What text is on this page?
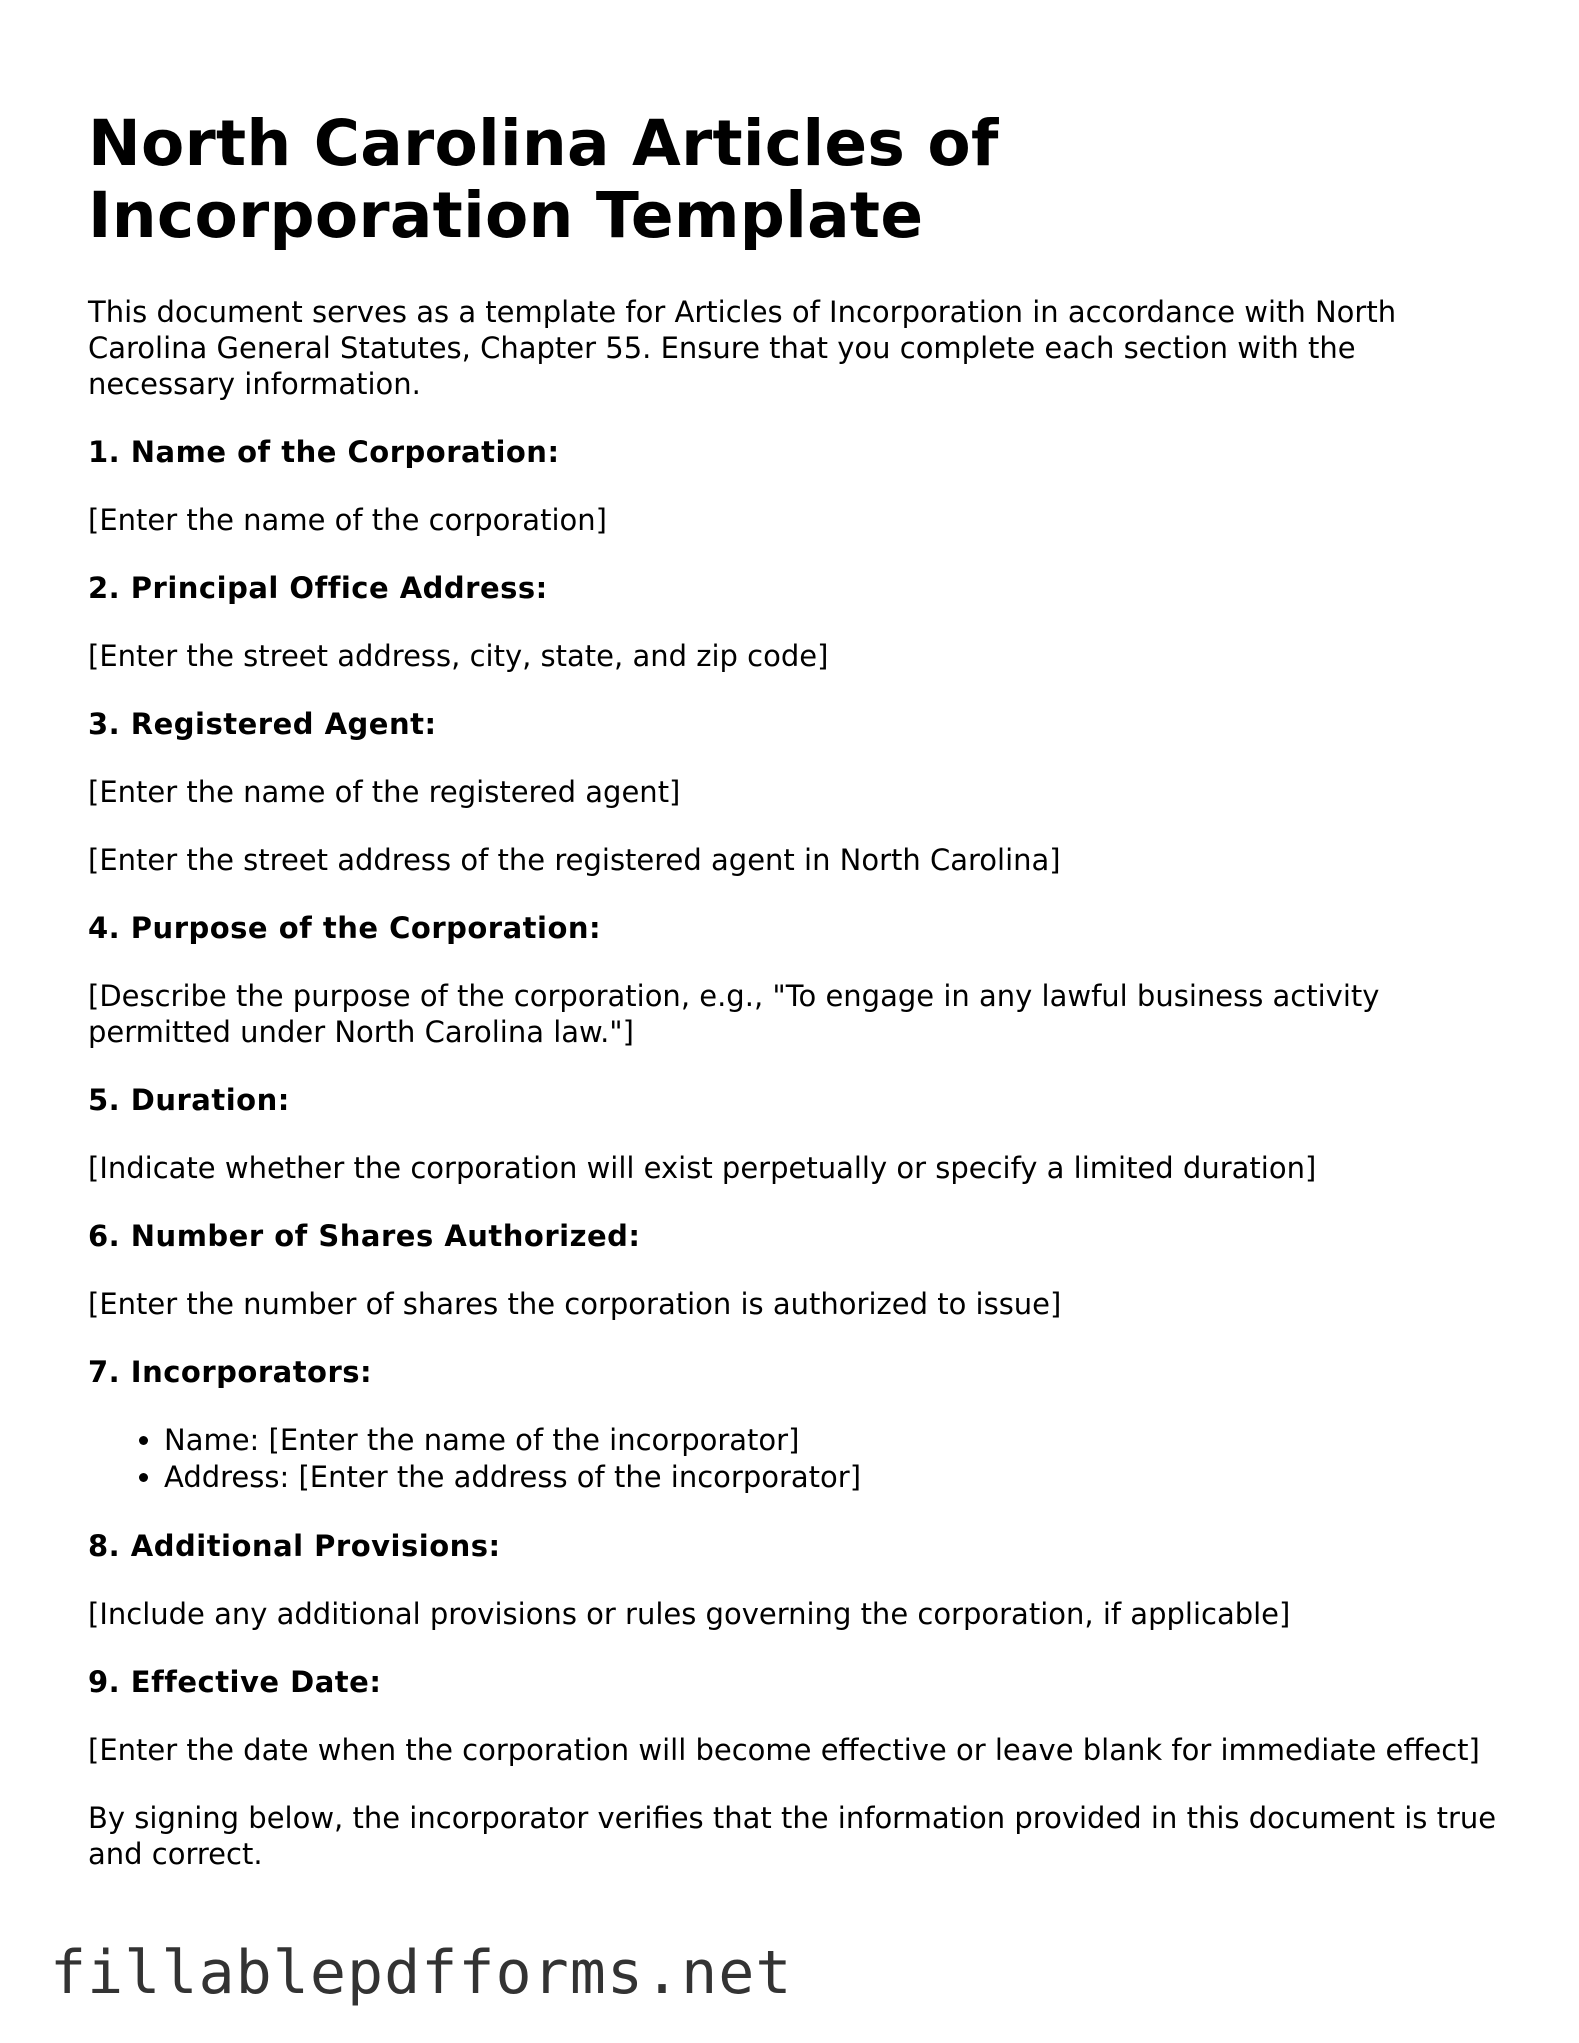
North Carolina Articles of Incorporation Template

This document serves as a template for Articles of Incorporation in accordance with North Carolina General Statutes, Chapter 55. Ensure that you complete each section with the necessary information.

1. Name of the Corporation:

[Enter the name of the corporation]

2. Principal Office Address:

[Enter the street address, city, state, and zip code]

3. Registered Agent:

[Enter the name of the registered agent]

[Enter the street address of the registered agent in North Carolina]

4. Purpose of the Corporation:

[Describe the purpose of the corporation, e.g., "To engage in any lawful business activity permitted under North Carolina law."]

5. Duration:

[Indicate whether the corporation will exist perpetually or specify a limited duration]

6. Number of Shares Authorized:

[Enter the number of shares the corporation is authorized to issue]

7. Incorporators:
• Name: [Enter the name of the incorporator]
• Address: [Enter the address of the incorporator]
8. Additional Provisions:

[Include any additional provisions or rules governing the corporation, if applicable]

9. Effective Date:

[Enter the date when the corporation will become effective or leave blank for immediate effect]

By signing below, the incorporator verifies that the information provided in this document is true and correct.

fillablepdfforms.net
